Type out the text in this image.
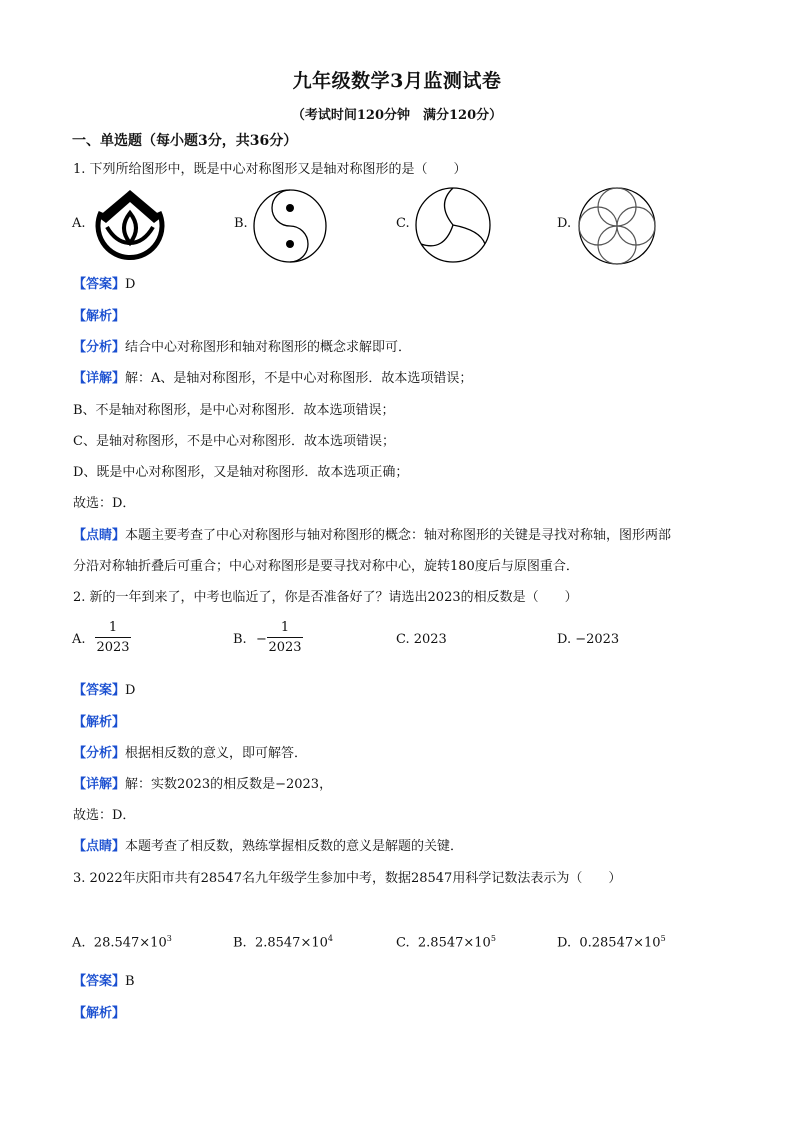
九年级数学3月监测试卷
（考试时间120分钟　满分120分）
一、单选题（每小题3分，共36分）
1. 下列所给图形中，既是中心对称图形又是轴对称图形的是（　　）
A.	B.	C.	D.
【答案】D
【解析】
【分析】结合中心对称图形和轴对称图形的概念求解即可．
【详解】解：A、是轴对称图形，不是中心对称图形．故本选项错误；
B、不是轴对称图形，是中心对称图形．故本选项错误；
C、是轴对称图形，不是中心对称图形．故本选项错误；
D、既是中心对称图形，又是轴对称图形．故本选项正确；
故选：D．
【点睛】本题主要考查了中心对称图形与轴对称图形的概念：轴对称图形的关键是寻找对称轴，图形两部
分沿对称轴折叠后可重合；中心对称图形是要寻找对称中心，旋转180度后与原图重合．
2. 新的一年到来了，中考也临近了，你是否准备好了？请选出2023的相反数是（　　）
A. $\frac{1}{2023}$	B. − $\frac{1}{2023}$	C. 2023	D. −2023
【答案】D
【解析】
【分析】根据相反数的意义，即可解答．
【详解】解：实数2023的相反数是−2023，
故选：D．
【点睛】本题考查了相反数，熟练掌握相反数的意义是解题的关键．
3. 2022年庆阳市共有28547名九年级学生参加中考，数据28547用科学记数法表示为（　　）
A. $28.547\times 10^3$	B. $2.8547\times 10^4$	C. $2.8547\times 10^5$	D. $0.28547\times 10^5$
【答案】B
【解析】
